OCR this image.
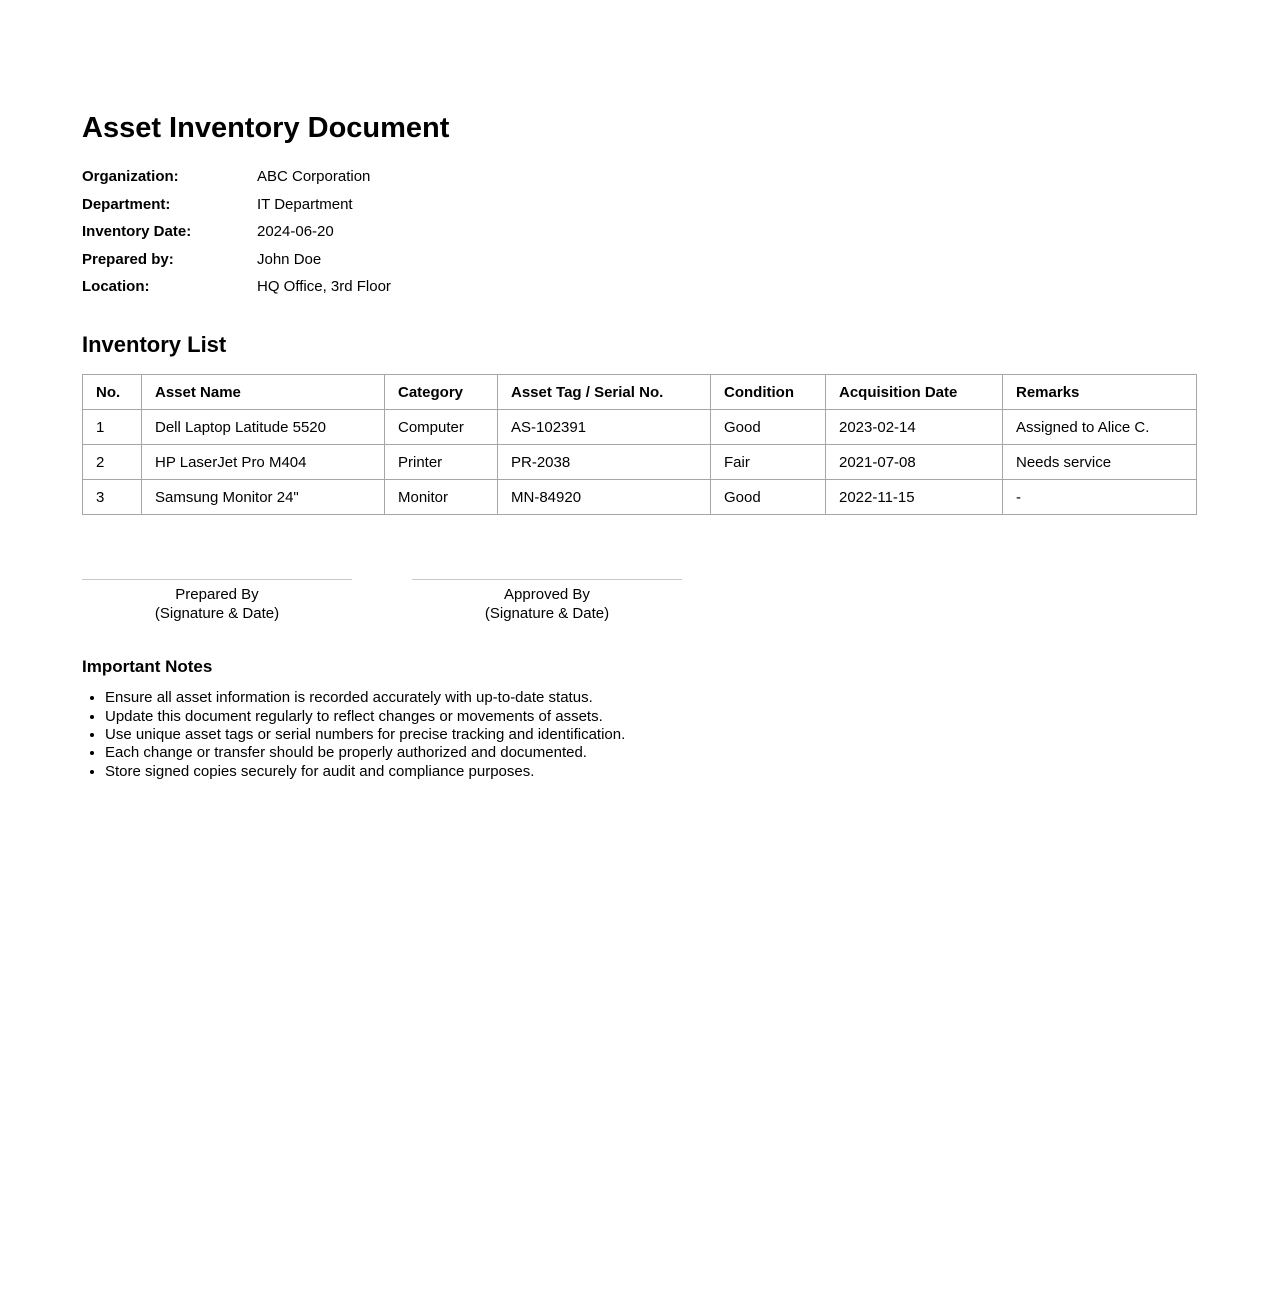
Asset Inventory Document
Organization:	ABC Corporation
Department:	IT Department
Inventory Date:	2024-06-20
Prepared by:	John Doe
Location:	HQ Office, 3rd Floor
Inventory List
No.	Asset Name	Category	Asset Tag / Serial No.	Condition	Acquisition Date	Remarks
1	Dell Laptop Latitude 5520	Computer	AS-102391	Good	2023-02-14	Assigned to Alice C.
2	HP LaserJet Pro M404	Printer	PR-2038	Fair	2021-07-08	Needs service
3	Samsung Monitor 24"	Monitor	MN-84920	Good	2022-11-15	-
Prepared By
(Signature & Date)
Approved By
(Signature & Date)
Important Notes
• Ensure all asset information is recorded accurately with up-to-date status.
• Update this document regularly to reflect changes or movements of assets.
• Use unique asset tags or serial numbers for precise tracking and identification.
• Each change or transfer should be properly authorized and documented.
• Store signed copies securely for audit and compliance purposes.
